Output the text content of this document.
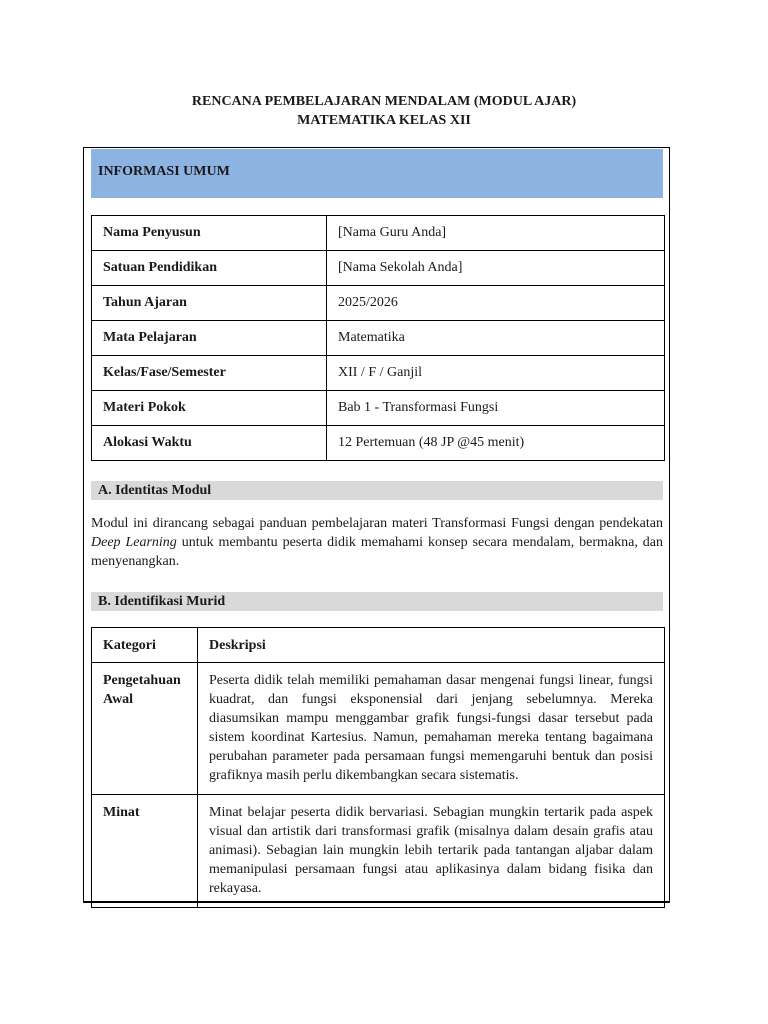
RENCANA PEMBELAJARAN MENDALAM (MODUL AJAR)
MATEMATIKA KELAS XII
INFORMASI UMUM
Nama Penyusun	[Nama Guru Anda]
Satuan Pendidikan	[Nama Sekolah Anda]
Tahun Ajaran	2025/2026
Mata Pelajaran	Matematika
Kelas/Fase/Semester	XII / F / Ganjil
Materi Pokok	Bab 1 - Transformasi Fungsi
Alokasi Waktu	12 Pertemuan (48 JP @45 menit)
A. Identitas Modul

Modul ini dirancang sebagai panduan pembelajaran materi Transformasi Fungsi dengan pendekatan Deep Learning untuk membantu peserta didik memahami konsep secara mendalam, bermakna, dan menyenangkan.

B. Identifikasi Murid
Kategori	Deskripsi
Pengetahuan Awal	Peserta didik telah memiliki pemahaman dasar mengenai fungsi linear, fungsi kuadrat, dan fungsi eksponensial dari jenjang sebelumnya. Mereka diasumsikan mampu menggambar grafik fungsi-fungsi dasar tersebut pada sistem koordinat Kartesius. Namun, pemahaman mereka tentang bagaimana perubahan parameter pada persamaan fungsi memengaruhi bentuk dan posisi grafiknya masih perlu dikembangkan secara sistematis.
Minat	Minat belajar peserta didik bervariasi. Sebagian mungkin tertarik pada aspek visual dan artistik dari transformasi grafik (misalnya dalam desain grafis atau animasi). Sebagian lain mungkin lebih tertarik pada tantangan aljabar dalam memanipulasi persamaan fungsi atau aplikasinya dalam bidang fisika dan rekayasa.
